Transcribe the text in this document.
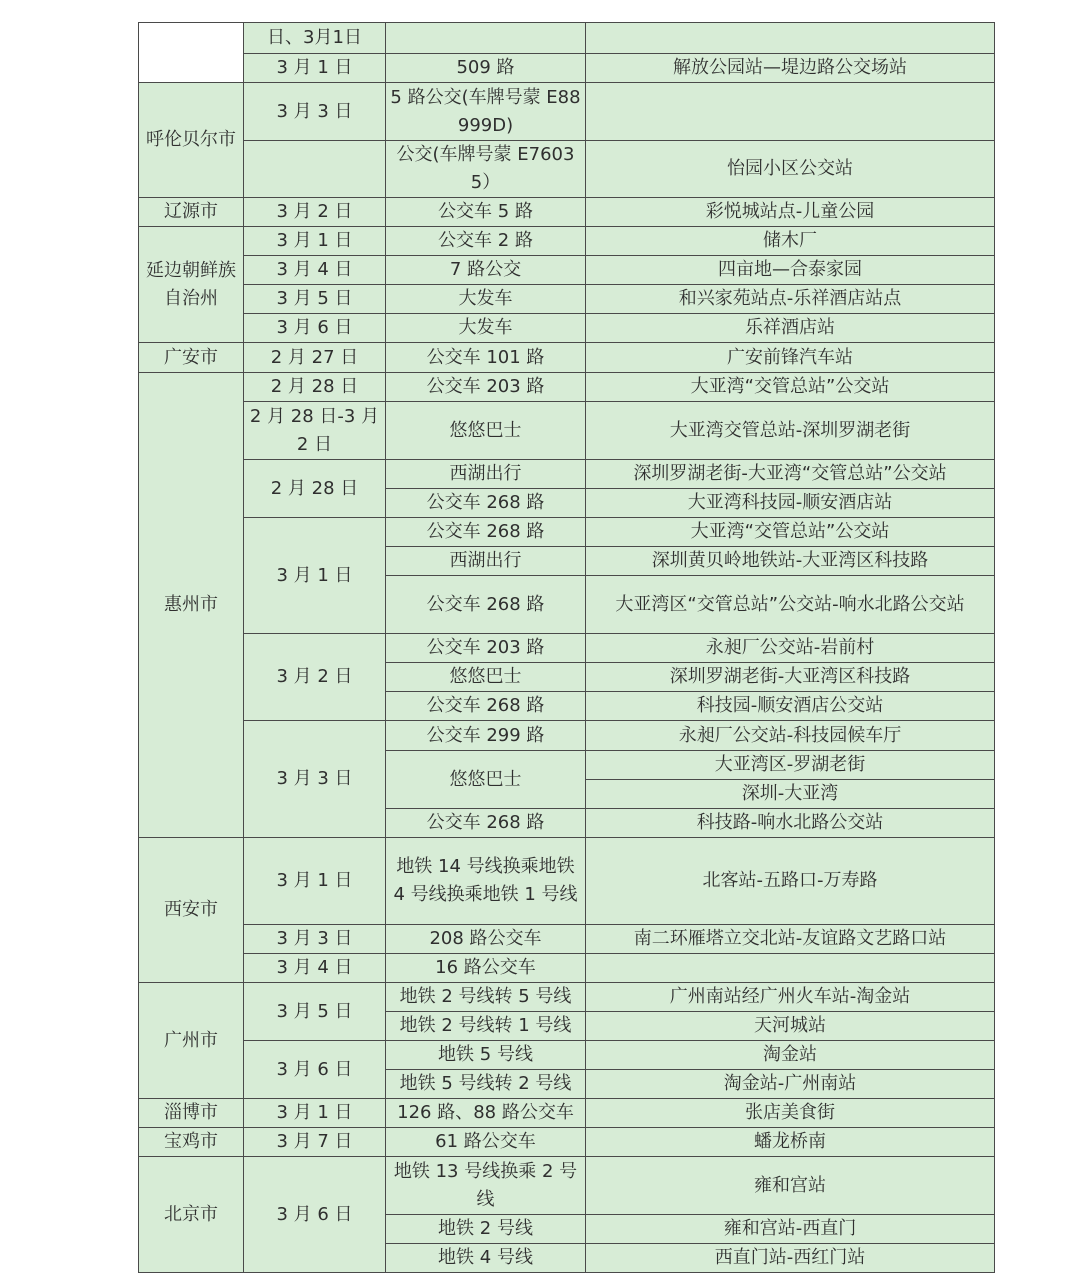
	日、3月1日		
	3 月 1 日	509 路	解放公园站—堤边路公交场站
呼伦贝尔市	3 月 3 日	5 路公交(车牌号蒙 E88999D)	
		公交(车牌号蒙 E76035）	怡园小区公交站
辽源市	3 月 2 日	公交车 5 路	彩悦城站点-儿童公园
延边朝鲜族自治州	3 月 1 日	公交车 2 路	储木厂
	3 月 4 日	7 路公交	四亩地—合泰家园
	3 月 5 日	大发车	和兴家苑站点-乐祥酒店站点
	3 月 6 日	大发车	乐祥酒店站
广安市	2 月 27 日	公交车 101 路	广安前锋汽车站
惠州市	2 月 28 日	公交车 203 路	大亚湾“交管总站”公交站
	2 月 28 日-3 月 2 日	悠悠巴士	大亚湾交管总站-深圳罗湖老街
	2 月 28 日	西湖出行	深圳罗湖老街-大亚湾“交管总站”公交站
		公交车 268 路	大亚湾科技园-顺安酒店站
	3 月 1 日	公交车 268 路	大亚湾“交管总站”公交站
		西湖出行	深圳黄贝岭地铁站-大亚湾区科技路
		公交车 268 路	大亚湾区“交管总站”公交站-响水北路公交站
	3 月 2 日	公交车 203 路	永昶厂公交站-岩前村
		悠悠巴士	深圳罗湖老街-大亚湾区科技路
		公交车 268 路	科技园-顺安酒店公交站
	3 月 3 日	公交车 299 路	永昶厂公交站-科技园候车厅
		悠悠巴士	大亚湾区-罗湖老街
			深圳-大亚湾
		公交车 268 路	科技路-响水北路公交站
西安市	3 月 1 日	地铁 14 号线换乘地铁 4 号线换乘地铁 1 号线	北客站-五路口-万寿路
	3 月 3 日	208 路公交车	南二环雁塔立交北站-友谊路文艺路口站
	3 月 4 日	16 路公交车	
广州市	3 月 5 日	地铁 2 号线转 5 号线	广州南站经广州火车站-淘金站
		地铁 2 号线转 1 号线	天河城站
	3 月 6 日	地铁 5 号线	淘金站
		地铁 5 号线转 2 号线	淘金站-广州南站
淄博市	3 月 1 日	126 路、88 路公交车	张店美食街
宝鸡市	3 月 7 日	61 路公交车	蟠龙桥南
北京市	3 月 6 日	地铁 13 号线换乘 2 号线	雍和宫站
		地铁 2 号线	雍和宫站-西直门
		地铁 4 号线	西直门站-西红门站
